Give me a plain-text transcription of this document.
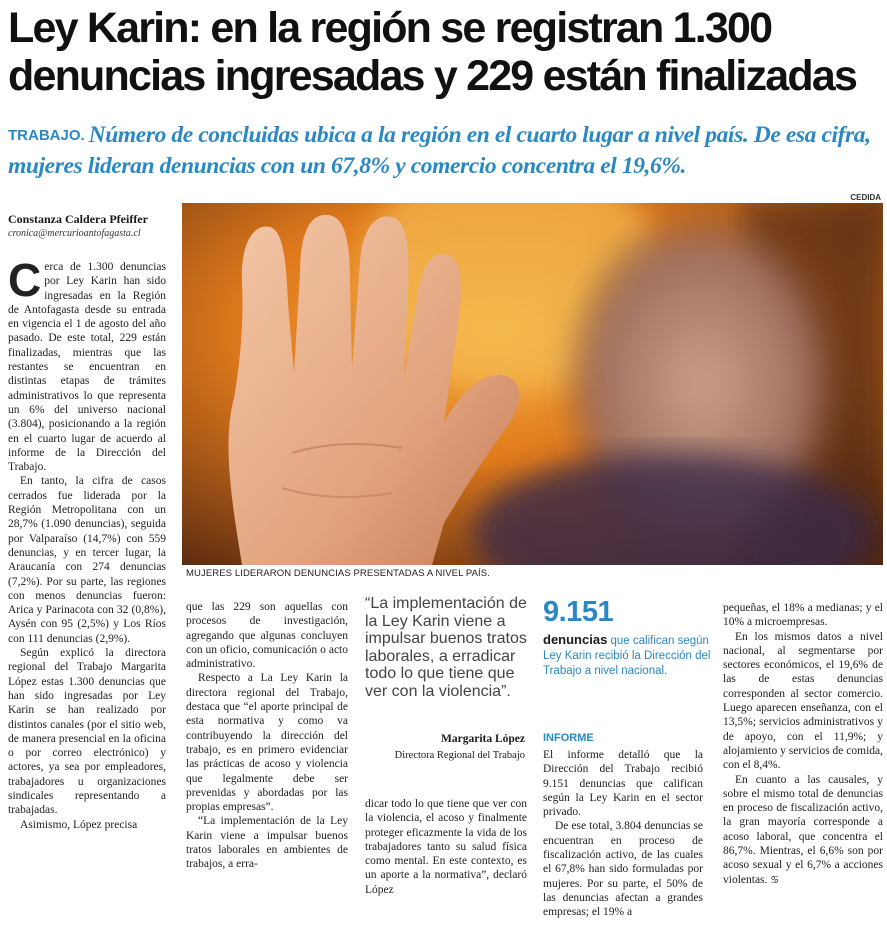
Ley Karin: en la región se registran 1.300 denuncias ingresadas y 229 están finalizadas
TRABAJO. Número de concluidas ubica a la región en el cuarto lugar a nivel país. De esa cifra, mujeres lideran denuncias con un 67,8% y comercio concentra el 19,6%.
CEDIDA
Constanza Caldera Pfeiffer
cronica@mercurioantofagasta.cl
MUJERES LIDERARON DENUNCIAS PRESENTADAS A NIVEL PAÍS.

Cerca de 1.300 denuncias por Ley Karin han sido ingresadas en la Región de Antofagasta desde su entrada en vigencia el 1 de agosto del año pasado. De este total, 229 están finalizadas, mientras que las restantes se encuentran en distintas etapas de trámites administrativos lo que representa un 6% del universo nacional (3.804), posicionando a la región en el cuarto lugar de acuerdo al informe de la Dirección del Trabajo.

En tanto, la cifra de casos cerrados fue liderada por la Región Metropolitana con un 28,7% (1.090 denuncias), seguida por Valparaíso (14,7%) con 559 denuncias, y en tercer lugar, la Araucanía con 274 denuncias (7,2%). Por su parte, las regiones con menos denuncias fueron: Arica y Parinacota con 32 (0,8%), Aysén con 95 (2,5%) y Los Ríos con 111 denuncias (2,9%).

Según explicó la directora regional del Trabajo Margarita López estas 1.300 denuncias que han sido ingresadas por Ley Karin se han realizado por distintos canales (por el sitio web, de manera presencial en la oficina o por correo electrónico) y actores, ya sea por empleadores, trabajadores u organizaciones sindicales representando a trabajadas.

Asimismo, López precisa

que las 229 son aquellas con procesos de investigación, agregando que algunas concluyen con un oficio, comunicación o acto administrativo.

Respecto a La Ley Karin la directora regional del Trabajo, destaca que “el aporte principal de esta normativa y como va contribuyendo la dirección del trabajo, es en primero evidenciar las prácticas de acoso y violencia que legalmente debe ser prevenidas y abordadas por las propias empresas”.

“La implementación de la Ley Karin viene a impulsar buenos tratos laborales en ambientes de trabajos, a erra-

“La implementación de la Ley Karin viene a impulsar buenos tratos laborales, a erradicar todo lo que tiene que ver con la violencia”.
Margarita López
Directora Regional del Trabajo

dicar todo lo que tiene que ver con la violencia, el acoso y finalmente proteger eficazmente la vida de los trabajadores tanto su salud física como mental. En este contexto, es un aporte a la normativa”, declaró López

9.151
denuncias que califican según Ley Karin recibió la Dirección del Trabajo a nivel nacional.
INFORME

El informe detalló que la Dirección del Trabajo recibió 9.151 denuncias que califican según la Ley Karin en el sector privado.

De ese total, 3.804 denuncias se encuentran en proceso de fiscalización activo, de las cuales el 67,8% han sido formuladas por mujeres. Por su parte, el 50% de las denuncias afectan a grandes empresas; el 19% a

pequeñas, el 18% a medianas; y el 10% a microempresas.

En los mismos datos a nivel nacional, al segmentarse por sectores económicos, el 19,6% de las de estas denuncias corresponden al sector comercio. Luego aparecen enseñanza, con el 13,5%; servicios administrativos y de apoyo, con el 11,9%; y alojamiento y servicios de comida, con el 8,4%.

En cuanto a las causales, y sobre el mismo total de denuncias en proceso de fiscalización activo, la gran mayoría corresponde a acoso laboral, que concentra el 86,7%. Mientras, el 6,6% son por acoso sexual y el 6,7% a acciones violentas. ♋
